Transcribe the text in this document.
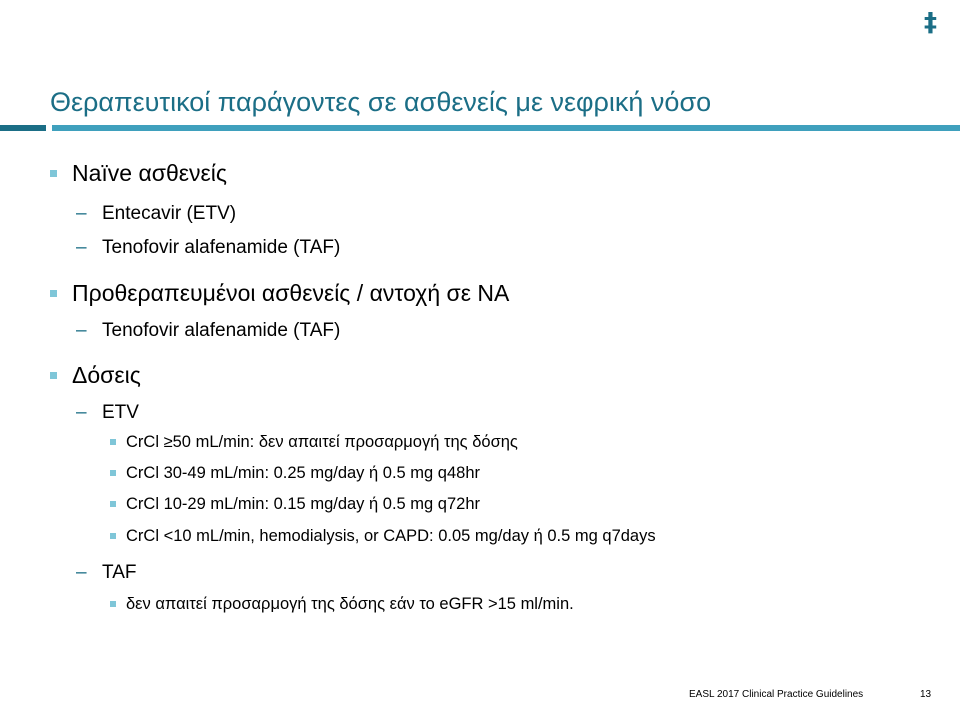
‡
Θεραπευτικοί παράγοντες σε ασθενείς με νεφρική νόσο
Naïve ασθενείς
– Entecavir (ETV)
– Tenofovir alafenamide (TAF)
Προθεραπευμένοι ασθενείς / αντοχή σε NA
– Tenofovir alafenamide (TAF)
Δόσεις
– ETV
CrCl ≥50 mL/min: δεν απαιτεί προσαρμογή της δόσης
CrCl 30-49 mL/min: 0.25 mg/day ή 0.5 mg q48hr
CrCl 10-29 mL/min: 0.15 mg/day ή 0.5 mg q72hr
CrCl <10 mL/min, hemodialysis, or CAPD: 0.05 mg/day ή 0.5 mg q7days
– TAF
δεν απαιτεί προσαρμογή της δόσης εάν το eGFR >15 ml/min.
EASL 2017 Clinical Practice Guidelines	13
